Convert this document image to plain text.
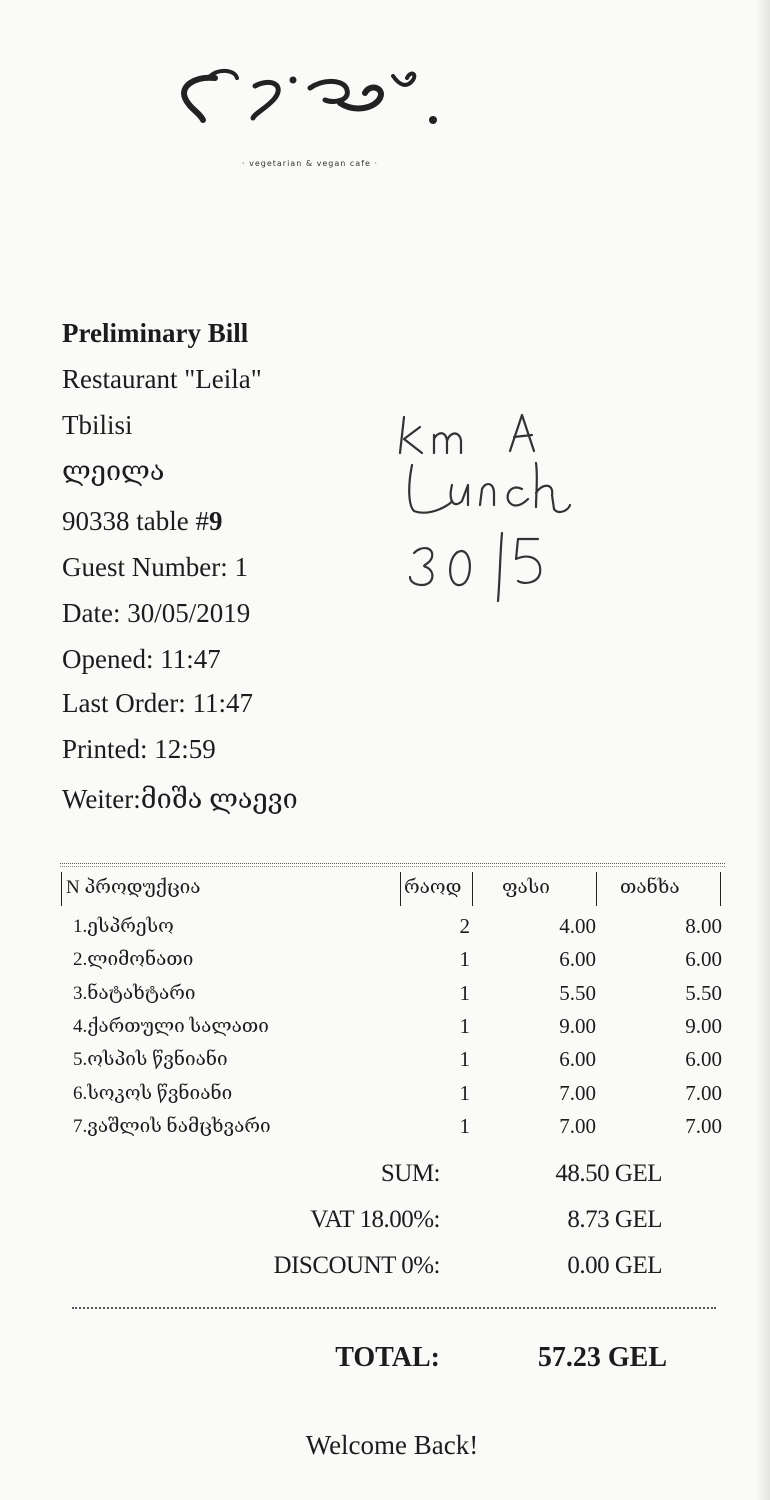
· vegetarian & vegan cafe ·
Preliminary Bill
Restaurant "Leila"
Tbilisi
ლეილა
90338 table #9
Guest Number: 1
Date: 30/05/2019
Opened: 11:47
Last Order: 11:47
Printed: 12:59
Weiter:მიშა ლაევი
N პროდუქცია	რაოდ ფასი	თანხა
1.ესპრესო	2	4.00	8.00
2.ლიმონათი	1	6.00	6.00
3.ნატახტარი	1	5.50	5.50
4.ქართული სალათი	1	9.00	9.00
5.ოსპის წვნიანი	1	6.00	6.00
6.სოკოს წვნიანი	1	7.00	7.00
7.ვაშლის ნამცხვარი	1	7.00	7.00
SUM:	48.50 GEL
VAT 18.00%:	8.73 GEL
DISCOUNT 0%:	0.00 GEL
TOTAL:	57.23 GEL
Welcome Back!
